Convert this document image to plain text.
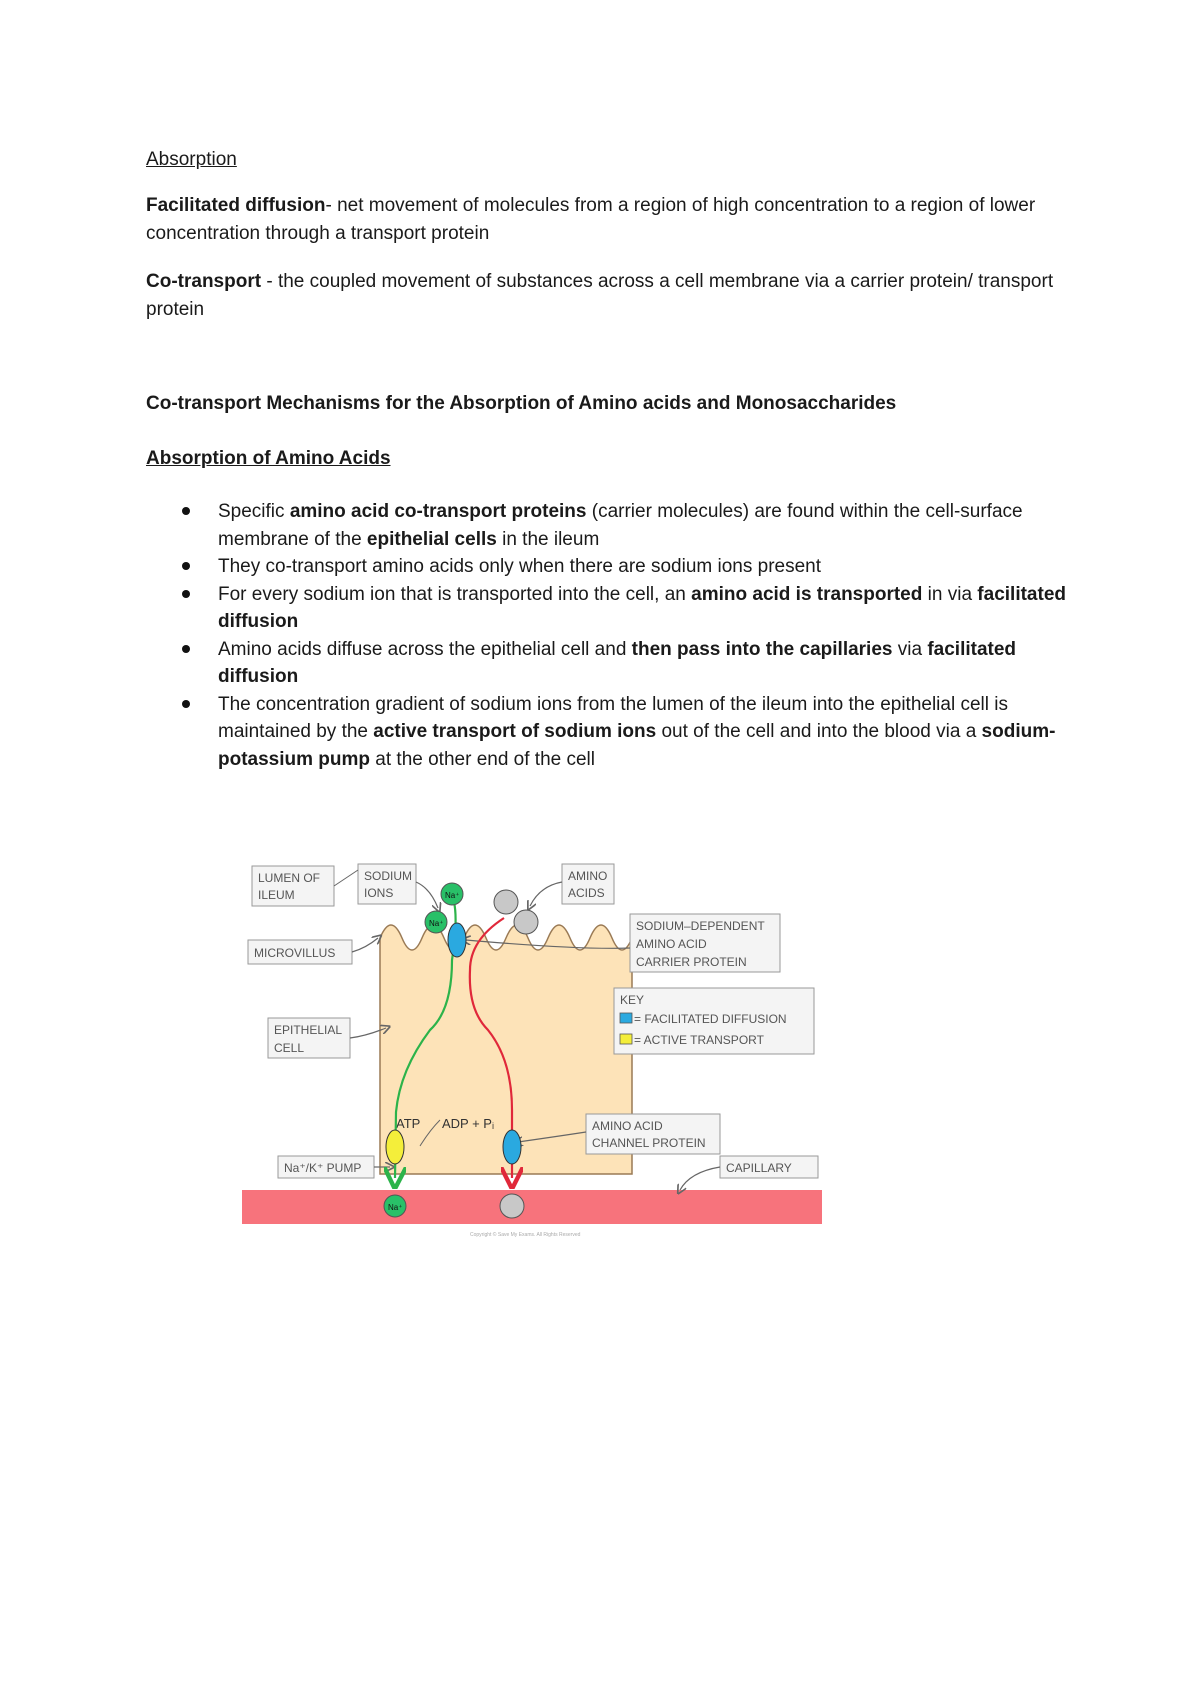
Absorption
Facilitated diffusion- net movement of molecules from a region of high concentration to a region of lower concentration through a transport protein
Co-transport - the coupled movement of substances across a cell membrane via a carrier protein/ transport protein
Co-transport Mechanisms for the Absorption of Amino acids and Monosaccharides
Absorption of Amino Acids
Specific amino acid co-transport proteins (carrier molecules) are found within the cell-surface membrane of the epithelial cells in the ileum
They co-transport amino acids only when there are sodium ions present
For every sodium ion that is transported into the cell, an amino acid is transported in via facilitated diffusion
Amino acids diffuse across the epithelial cell and then pass into the capillaries via facilitated diffusion
The concentration gradient of sodium ions from the lumen of the ileum into the epithelial cell is maintained by the active transport of sodium ions out of the cell and into the blood via a sodium-potassium pump at the other end of the cell
LUMEN OF
ILEUM
SODIUM
IONS
AMINO
ACIDS
SODIUM–DEPENDENT
AMINO ACID
CARRIER PROTEIN
MICROVILLUS
EPITHELIAL
CELL
KEY
= FACILITATED DIFFUSION
= ACTIVE TRANSPORT
AMINO ACID
CHANNEL PROTEIN
Na⁺/K⁺ PUMP	CAPILLARY
ATP ADP + Pᵢ
Na⁺
Na⁺
Na⁺
Copyright © Save My Exams. All Rights Reserved
